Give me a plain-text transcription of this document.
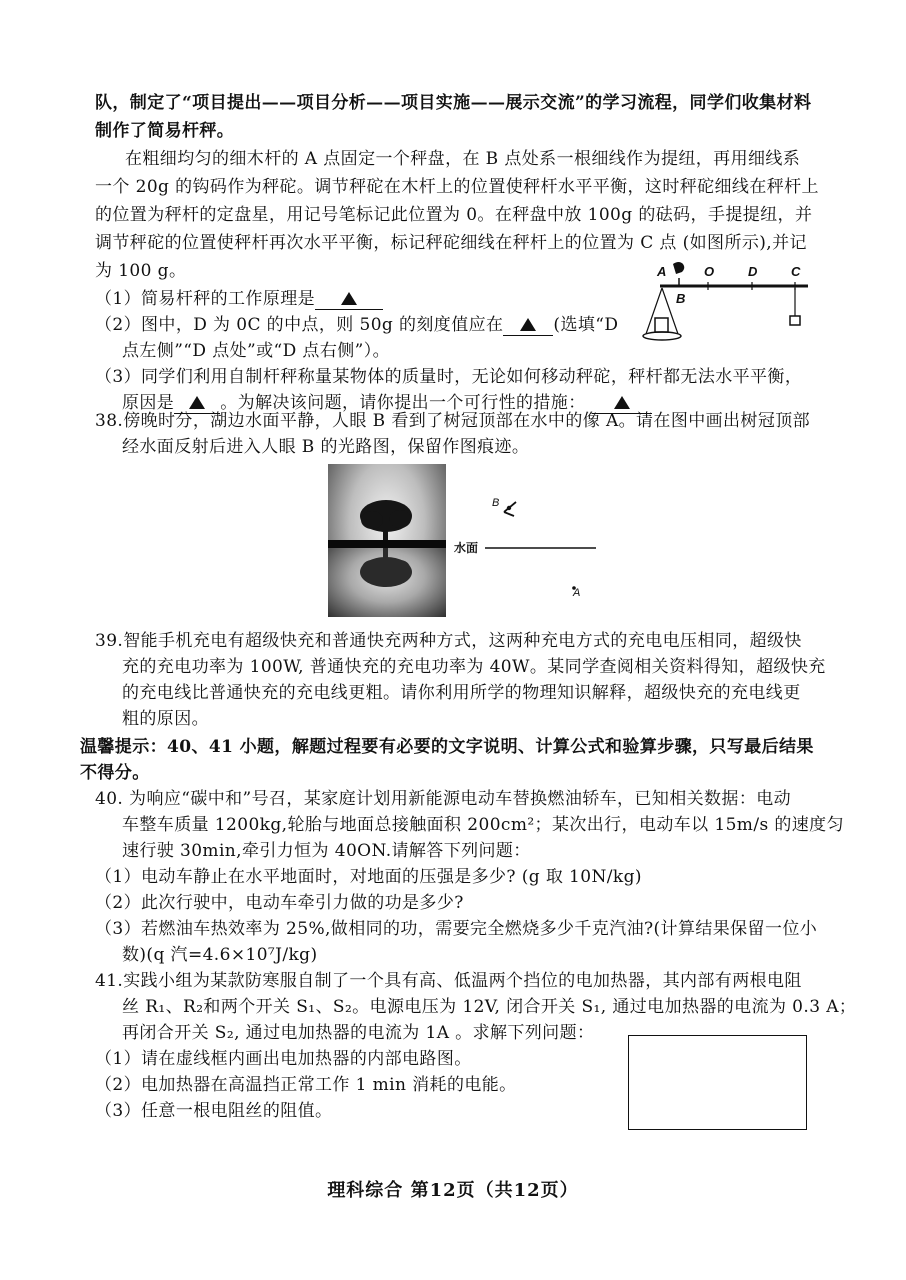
队，制定了“项目提出——项目分析——项目实施——展示交流”的学习流程，同学们收集材料
制作了简易杆秤。
在粗细均匀的细木杆的 A 点固定一个秤盘，在 B 点处系一根细线作为提纽，再用细线系
一个 20g 的钩码作为秤砣。调节秤砣在木杆上的位置使秤杆水平平衡，这时秤砣细线在秤杆上
的位置为秤杆的定盘星，用记号笔标记此位置为 0。在秤盘中放 100g 的砝码，手提提纽，并
调节秤砣的位置使秤杆再次水平平衡，标记秤砣细线在秤杆上的位置为 C 点 (如图所示),并记
为 100 g。
（1）简易杆秤的工作原理是
（2）图中，D 为 0C 的中点，则 50g 的刻度值应在	(选填“D
点左侧”“D 点处”或“D 点右侧”）。
（3）同学们利用自制杆秤称量某物体的质量时，无论如何移动秤砣，秤杆都无法水平平衡，
原因是	。为解决该问题，请你提出一个可行性的措施：
A	O	D	C
B
38.傍晚时分，湖边水面平静，人眼 B 看到了树冠顶部在水中的像 A。请在图中画出树冠顶部
经水面反射后进入人眼 B 的光路图，保留作图痕迹。
B
水面
A
39.智能手机充电有超级快充和普通快充两种方式，这两种充电方式的充电电压相同，超级快
充的充电功率为 100W, 普通快充的充电功率为 40W。某同学查阅相关资料得知，超级快充
的充电线比普通快充的充电线更粗。请你利用所学的物理知识解释，超级快充的充电线更
粗的原因。
温馨提示：40、41 小题，解题过程要有必要的文字说明、计算公式和验算步骤，只写最后结果
不得分。
40. 为响应“碳中和”号召，某家庭计划用新能源电动车替换燃油轿车，已知相关数据：电动
车整车质量 1200kg,轮胎与地面总接触面积 200cm²；某次出行，电动车以 15m/s 的速度匀
速行驶 30min,牵引力恒为 40ON.请解答下列问题：
（1）电动车静止在水平地面时，对地面的压强是多少? (g 取 10N/kg)
（2）此次行驶中，电动车牵引力做的功是多少?
（3）若燃油车热效率为 25%,做相同的功，需要完全燃烧多少千克汽油?(计算结果保留一位小
数)(q 汽=4.6×10⁷J/kg)
41.实践小组为某款防寒服自制了一个具有高、低温两个挡位的电加热器，其内部有两根电阻
丝 R₁、R₂和两个开关 S₁、S₂。电源电压为 12V, 闭合开关 S₁, 通过电加热器的电流为 0.3 A；
再闭合开关 S₂, 通过电加热器的电流为 1A 。求解下列问题：
（1）请在虚线框内画出电加热器的内部电路图。
（2）电加热器在高温挡正常工作 1 min 消耗的电能。
（3）任意一根电阻丝的阻值。
理科综合 第12页（共12页）
